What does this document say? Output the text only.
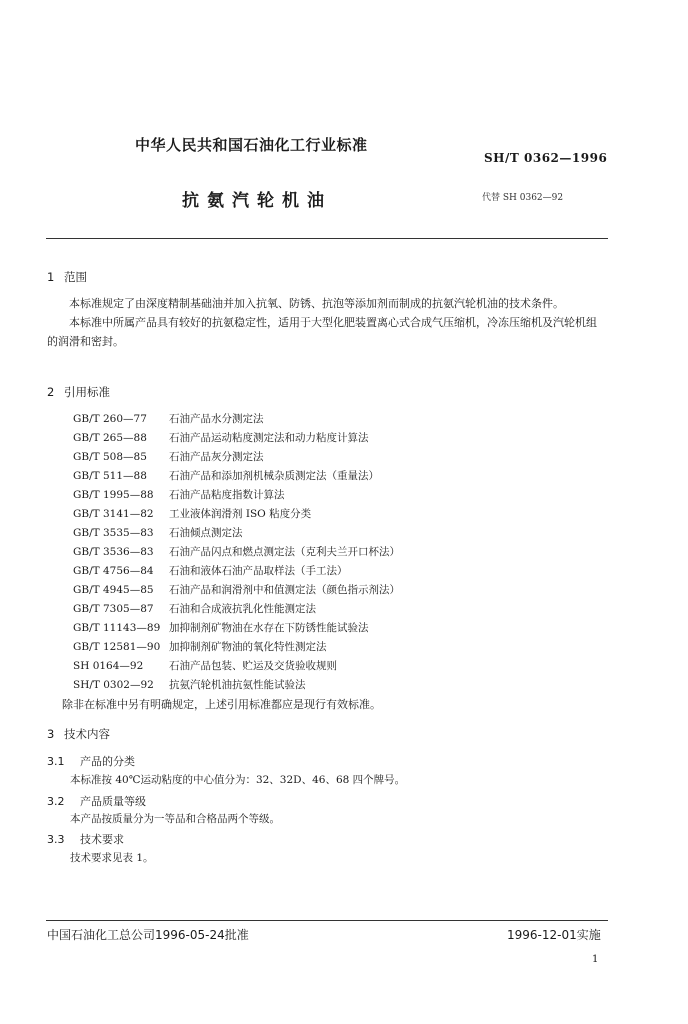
中华人民共和国石油化工行业标准
SH/T 0362—1996
抗氨汽轮机油	代替 SH 0362—92
1 范围

本标准规定了由深度精制基础油并加入抗氧、防锈、抗泡等添加剂而制成的抗氨汽轮机油的技术条件。

本标准中所属产品具有较好的抗氨稳定性，适用于大型化肥装置离心式合成气压缩机，冷冻压缩机及汽轮机组的润滑和密封。

2 引用标准
GB/T 260—77 石油产品水分测定法
GB/T 265—88 石油产品运动粘度测定法和动力粘度计算法
GB/T 508—85 石油产品灰分测定法
GB/T 511—88 石油产品和添加剂机械杂质测定法（重量法）
GB/T 1995—88 石油产品粘度指数计算法
GB/T 3141—82 工业液体润滑剂 ISO 粘度分类
GB/T 3535—83 石油倾点测定法
GB/T 3536—83 石油产品闪点和燃点测定法（克利夫兰开口杯法）
GB/T 4756—84 石油和液体石油产品取样法（手工法）
GB/T 4945—85 石油产品和润滑剂中和值测定法（颜色指示剂法）
GB/T 7305—87 石油和合成液抗乳化性能测定法
GB/T 11143—89 加抑制剂矿物油在水存在下防锈性能试验法
GB/T 12581—90 加抑制剂矿物油的氧化特性测定法
SH 0164—92 石油产品包装、贮运及交货验收规则
SH/T 0302—92 抗氨汽轮机油抗氨性能试验法
除非在标准中另有明确规定，上述引用标准都应是现行有效标准。
3 技术内容
3.1 产品的分类
本标准按 40℃运动粘度的中心值分为：32、32D、46、68 四个牌号。
3.2 产品质量等级
本产品按质量分为一等品和合格品两个等级。
3.3 技术要求
技术要求见表 1。
中国石油化工总公司1996-05-24批准	1996-12-01实施
1
